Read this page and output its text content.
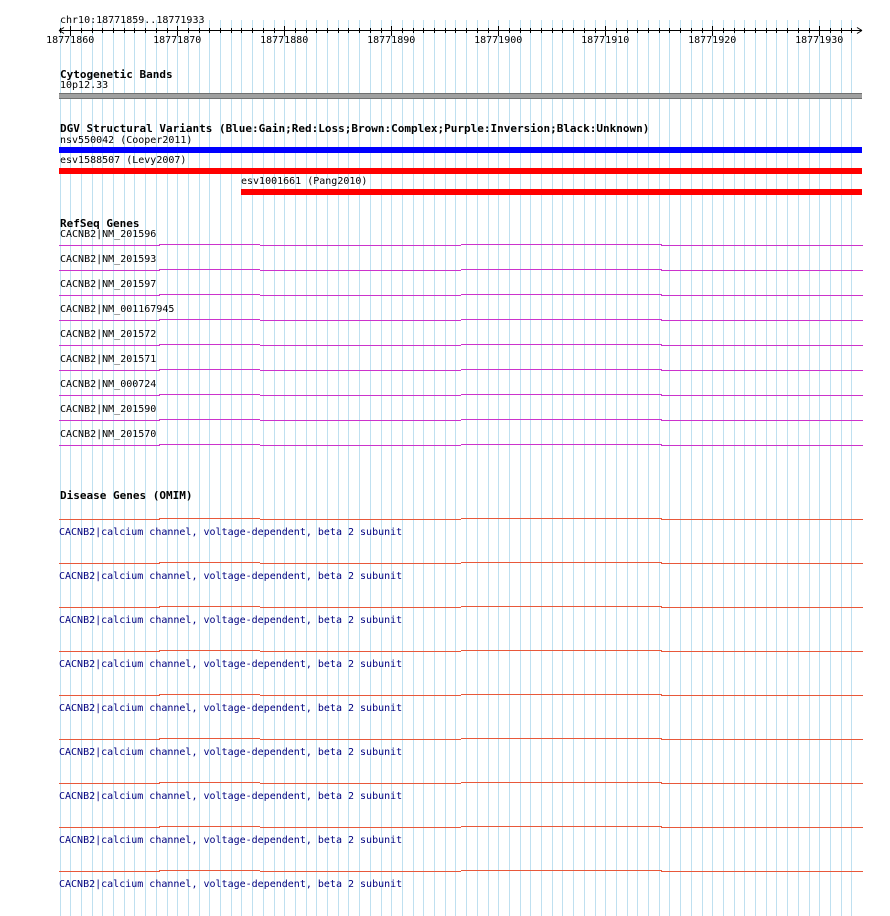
chr10:18771859..18771933
18771860	18771870	18771880	18771890	18771900	18771910	18771920	18771930
Cytogenetic Bands
10p12.33
DGV Structural Variants (Blue:Gain;Red:Loss;Brown:Complex;Purple:Inversion;Black:Unknown)
nsv550042 (Cooper2011)
esv1588507 (Levy2007)
esv1001661 (Pang2010)
RefSeq Genes
CACNB2|NM_201596
CACNB2|NM_201593
CACNB2|NM_201597
CACNB2|NM_001167945
CACNB2|NM_201572
CACNB2|NM_201571
CACNB2|NM_000724
CACNB2|NM_201590
CACNB2|NM_201570
Disease Genes (OMIM)
CACNB2|calcium channel, voltage-dependent, beta 2 subunit
CACNB2|calcium channel, voltage-dependent, beta 2 subunit
CACNB2|calcium channel, voltage-dependent, beta 2 subunit
CACNB2|calcium channel, voltage-dependent, beta 2 subunit
CACNB2|calcium channel, voltage-dependent, beta 2 subunit
CACNB2|calcium channel, voltage-dependent, beta 2 subunit
CACNB2|calcium channel, voltage-dependent, beta 2 subunit
CACNB2|calcium channel, voltage-dependent, beta 2 subunit
CACNB2|calcium channel, voltage-dependent, beta 2 subunit
